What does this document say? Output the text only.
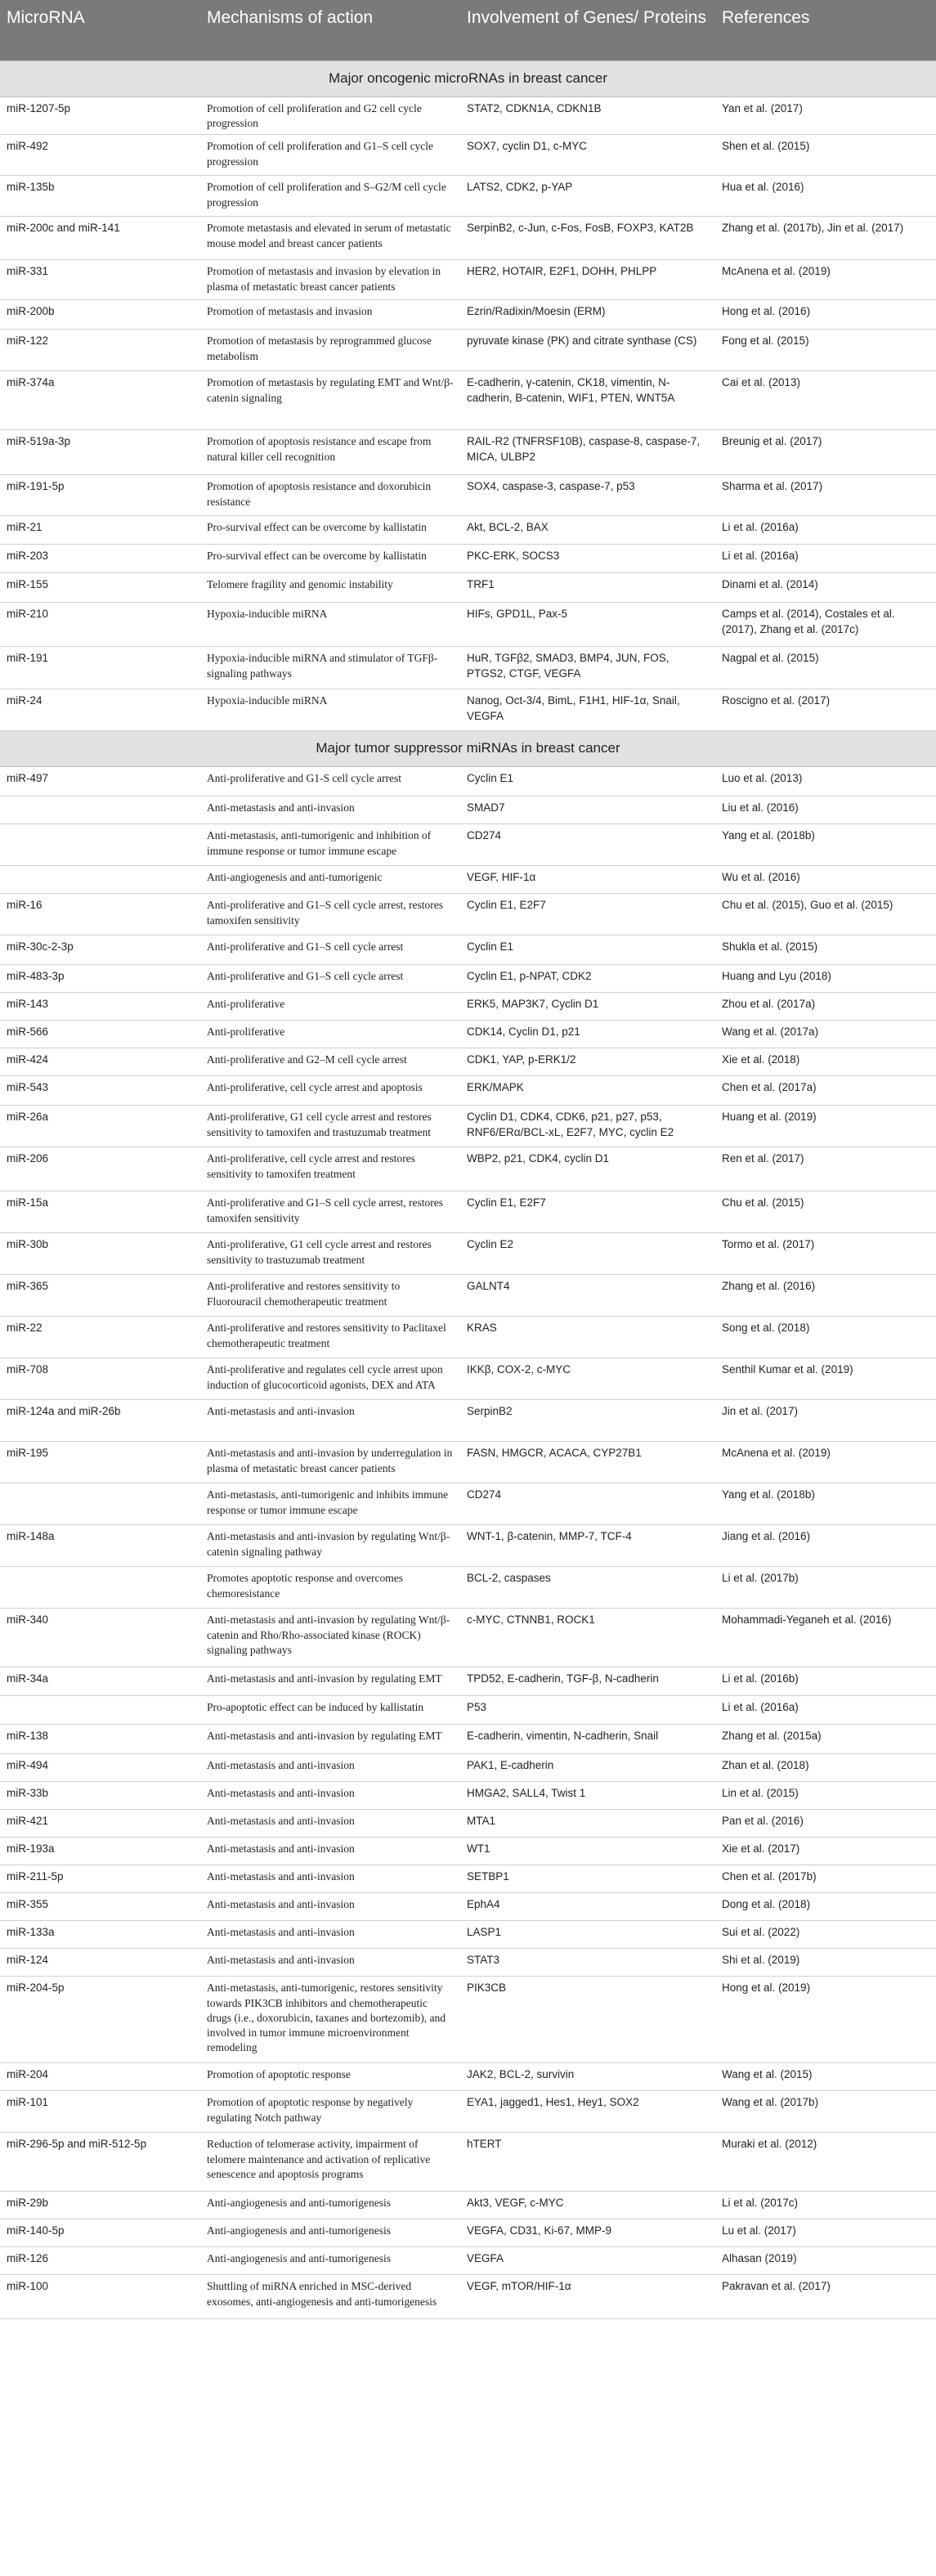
MicroRNA	Mechanisms of action	Involvement of Genes/ Proteins	References
Major oncogenic microRNAs in breast cancer			
miR-1207-5p	Promotion of cell proliferation and G2 cell cycle progression	STAT2, CDKN1A, CDKN1B	Yan et al. (2017)
miR-492	Promotion of cell proliferation and G1–S cell cycle progression	SOX7, cyclin D1, c-MYC	Shen et al. (2015)
miR-135b	Promotion of cell proliferation and S–G2/M cell cycle progression	LATS2, CDK2, p-YAP	Hua et al. (2016)
miR-200c and miR-141	Promote metastasis and elevated in serum of metastatic mouse model and breast cancer patients	SerpinB2, c-Jun, c-Fos, FosB, FOXP3, KAT2B	Zhang et al. (2017b), Jin et al. (2017)
miR-331	Promotion of metastasis and invasion by elevation in plasma of metastatic breast cancer patients	HER2, HOTAIR, E2F1, DOHH, PHLPP	McAnena et al. (2019)
miR-200b	Promotion of metastasis and invasion	Ezrin/Radixin/Moesin (ERM)	Hong et al. (2016)
miR-122	Promotion of metastasis by reprogrammed glucose metabolism	pyruvate kinase (PK) and citrate synthase (CS)	Fong et al. (2015)
miR-374a	Promotion of metastasis by regulating EMT and Wnt/β-catenin signaling	E-cadherin, γ-catenin, CK18, vimentin, N-cadherin, B-catenin, WIF1, PTEN, WNT5A	Cai et al. (2013)
miR-519a-3p	Promotion of apoptosis resistance and escape from natural killer cell recognition	RAIL-R2 (TNFRSF10B), caspase-8, caspase-7, MICA, ULBP2	Breunig et al. (2017)
miR-191-5p	Promotion of apoptosis resistance and doxorubicin resistance	SOX4, caspase-3, caspase-7, p53	Sharma et al. (2017)
miR-21	Pro-survival effect can be overcome by kallistatin	Akt, BCL-2, BAX	Li et al. (2016a)
miR-203	Pro-survival effect can be overcome by kallistatin	PKC-ERK, SOCS3	Li et al. (2016a)
miR-155	Telomere fragility and genomic instability	TRF1	Dinami et al. (2014)
miR-210	Hypoxia-inducible miRNA	HIFs, GPD1L, Pax-5	Camps et al. (2014), Costales et al. (2017), Zhang et al. (2017c)
miR-191	Hypoxia-inducible miRNA and stimulator of TGFβ-signaling pathways	HuR, TGFβ2, SMAD3, BMP4, JUN, FOS, PTGS2, CTGF, VEGFA	Nagpal et al. (2015)
miR-24	Hypoxia-inducible miRNA	Nanog, Oct-3/4, BimL, F1H1, HIF-1α, Snail, VEGFA	Roscigno et al. (2017)
Major tumor suppressor miRNAs in breast cancer			
miR-497	Anti-proliferative and G1-S cell cycle arrest	Cyclin E1	Luo et al. (2013)
	Anti-metastasis and anti-invasion	SMAD7	Liu et al. (2016)
	Anti-metastasis, anti-tumorigenic and inhibition of immune response or tumor immune escape	CD274	Yang et al. (2018b)
	Anti-angiogenesis and anti-tumorigenic	VEGF, HIF-1α	Wu et al. (2016)
miR-16	Anti-proliferative and G1–S cell cycle arrest, restores tamoxifen sensitivity	Cyclin E1, E2F7	Chu et al. (2015), Guo et al. (2015)
miR-30c-2-3p	Anti-proliferative and G1–S cell cycle arrest	Cyclin E1	Shukla et al. (2015)
miR-483-3p	Anti-proliferative and G1–S cell cycle arrest	Cyclin E1, p-NPAT, CDK2	Huang and Lyu (2018)
miR-143	Anti-proliferative	ERK5, MAP3K7, Cyclin D1	Zhou et al. (2017a)
miR-566	Anti-proliferative	CDK14, Cyclin D1, p21	Wang et al. (2017a)
miR-424	Anti-proliferative and G2–M cell cycle arrest	CDK1, YAP, p-ERK1/2	Xie et al. (2018)
miR-543	Anti-proliferative, cell cycle arrest and apoptosis	ERK/MAPK	Chen et al. (2017a)
miR-26a	Anti-proliferative, G1 cell cycle arrest and restores sensitivity to tamoxifen and trastuzumab treatment	Cyclin D1, CDK4, CDK6, p21, p27, p53, RNF6/ERα/BCL-xL, E2F7, MYC, cyclin E2	Huang et al. (2019)
miR-206	Anti-proliferative, cell cycle arrest and restores sensitivity to tamoxifen treatment	WBP2, p21, CDK4, cyclin D1	Ren et al. (2017)
miR-15a	Anti-proliferative and G1–S cell cycle arrest, restores tamoxifen sensitivity	Cyclin E1, E2F7	Chu et al. (2015)
miR-30b	Anti-proliferative, G1 cell cycle arrest and restores sensitivity to trastuzumab treatment	Cyclin E2	Tormo et al. (2017)
miR-365	Anti-proliferative and restores sensitivity to Fluorouracil chemotherapeutic treatment	GALNT4	Zhang et al. (2016)
miR-22	Anti-proliferative and restores sensitivity to Paclitaxel chemotherapeutic treatment	KRAS	Song et al. (2018)
miR-708	Anti-proliferative and regulates cell cycle arrest upon induction of glucocorticoid agonists, DEX and ATA	IKKβ, COX-2, c-MYC	Senthil Kumar et al. (2019)
miR-124a and miR-26b	Anti-metastasis and anti-invasion	SerpinB2	Jin et al. (2017)
miR-195	Anti-metastasis and anti-invasion by underregulation in plasma of metastatic breast cancer patients	FASN, HMGCR, ACACA, CYP27B1	McAnena et al. (2019)
	Anti-metastasis, anti-tumorigenic and inhibits immune response or tumor immune escape	CD274	Yang et al. (2018b)
miR-148a	Anti-metastasis and anti-invasion by regulating Wnt/β-catenin signaling pathway	WNT-1, β-catenin, MMP-7, TCF-4	Jiang et al. (2016)
	Promotes apoptotic response and overcomes chemoresistance	BCL-2, caspases	Li et al. (2017b)
miR-340	Anti-metastasis and anti-invasion by regulating Wnt/β-catenin and Rho/Rho-associated kinase (ROCK) signaling pathways	c-MYC, CTNNB1, ROCK1	Mohammadi-Yeganeh et al. (2016)
miR-34a	Anti-metastasis and anti-invasion by regulating EMT	TPD52, E-cadherin, TGF-β, N-cadherin	Li et al. (2016b)
	Pro-apoptotic effect can be induced by kallistatin	P53	Li et al. (2016a)
miR-138	Anti-metastasis and anti-invasion by regulating EMT	E-cadherin, vimentin, N-cadherin, Snail	Zhang et al. (2015a)
miR-494	Anti-metastasis and anti-invasion	PAK1, E-cadherin	Zhan et al. (2018)
miR-33b	Anti-metastasis and anti-invasion	HMGA2, SALL4, Twist 1	Lin et al. (2015)
miR-421	Anti-metastasis and anti-invasion	MTA1	Pan et al. (2016)
miR-193a	Anti-metastasis and anti-invasion	WT1	Xie et al. (2017)
miR-211-5p	Anti-metastasis and anti-invasion	SETBP1	Chen et al. (2017b)
miR-355	Anti-metastasis and anti-invasion	EphA4	Dong et al. (2018)
miR-133a	Anti-metastasis and anti-invasion	LASP1	Sui et al. (2022)
miR-124	Anti-metastasis and anti-invasion	STAT3	Shi et al. (2019)
miR-204-5p	Anti-metastasis, anti-tumorigenic, restores sensitivity towards PIK3CB inhibitors and chemotherapeutic drugs (i.e., doxorubicin, taxanes and bortezomib), and involved in tumor immune microenvironment remodeling	PIK3CB	Hong et al. (2019)
miR-204	Promotion of apoptotic response	JAK2, BCL-2, survivin	Wang et al. (2015)
miR-101	Promotion of apoptotic response by negatively regulating Notch pathway	EYA1, jagged1, Hes1, Hey1, SOX2	Wang et al. (2017b)
miR-296-5p and miR-512-5p	Reduction of telomerase activity, impairment of telomere maintenance and activation of replicative senescence and apoptosis programs	hTERT	Muraki et al. (2012)
miR-29b	Anti-angiogenesis and anti-tumorigenesis	Akt3, VEGF, c-MYC	Li et al. (2017c)
miR-140-5p	Anti-angiogenesis and anti-tumorigenesis	VEGFA, CD31, Ki-67, MMP-9	Lu et al. (2017)
miR-126	Anti-angiogenesis and anti-tumorigenesis	VEGFA	Alhasan (2019)
miR-100	Shuttling of miRNA enriched in MSC-derived exosomes, anti-angiogenesis and anti-tumorigenesis	VEGF, mTOR/HIF-1α	Pakravan et al. (2017)
